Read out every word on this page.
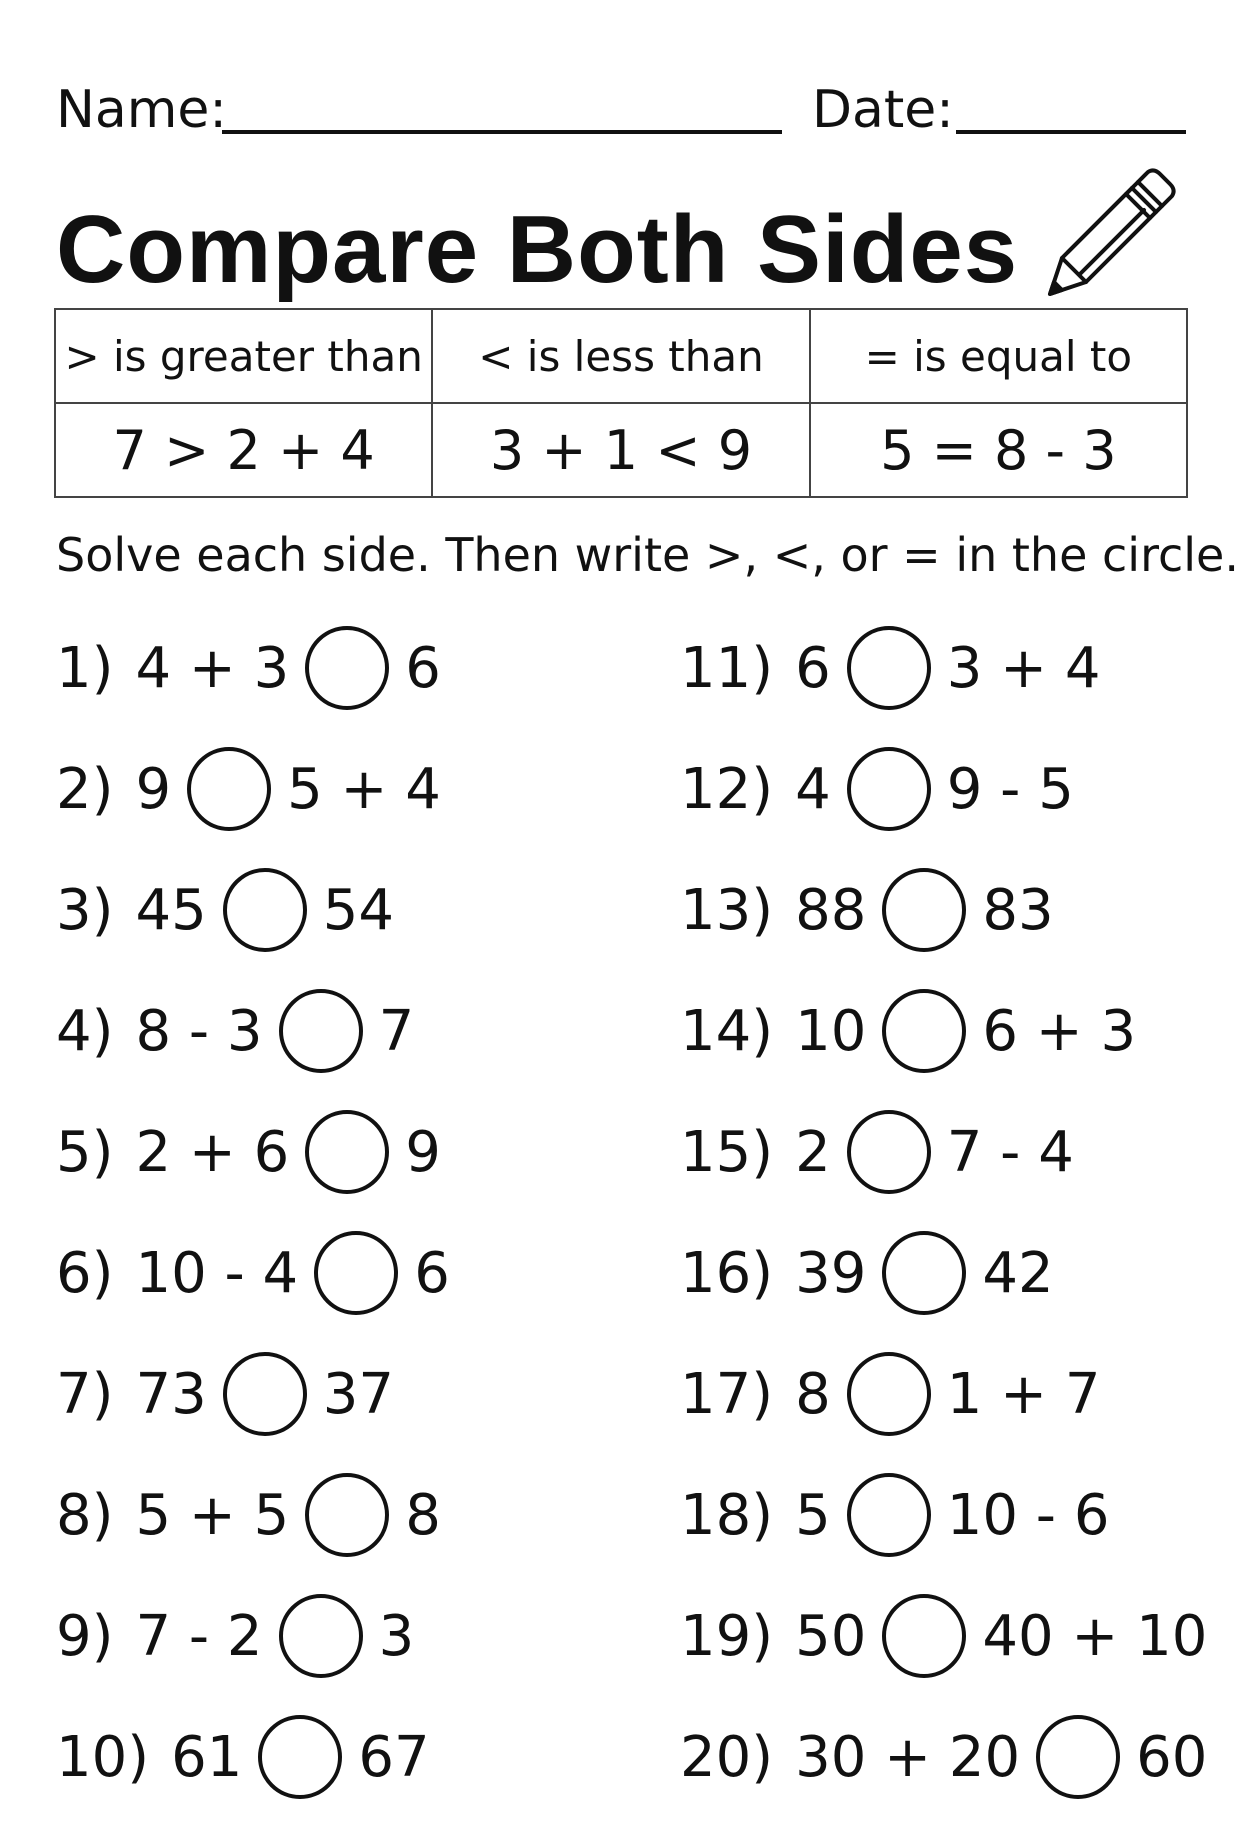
Name:	Date:
Compare Both Sides
> is greater than	< is less than	= is equal to
7 > 2 + 4	3 + 1 < 9	5 = 8 - 3
Solve each side. Then write >, <, or = in the circle.
1) 4 + 3 6
2) 9 5 + 4
3) 45 54
4) 8 - 3 7
5) 2 + 6 9
6) 10 - 4 6
7) 73 37
8) 5 + 5 8
9) 7 - 2 3
10) 61 67
11) 6 3 + 4
12) 4 9 - 5
13) 88 83
14) 10 6 + 3
15) 2 7 - 4
16) 39 42
17) 8 1 + 7
18) 5 10 - 6
19) 50 40 + 10
20) 30 + 20 60
